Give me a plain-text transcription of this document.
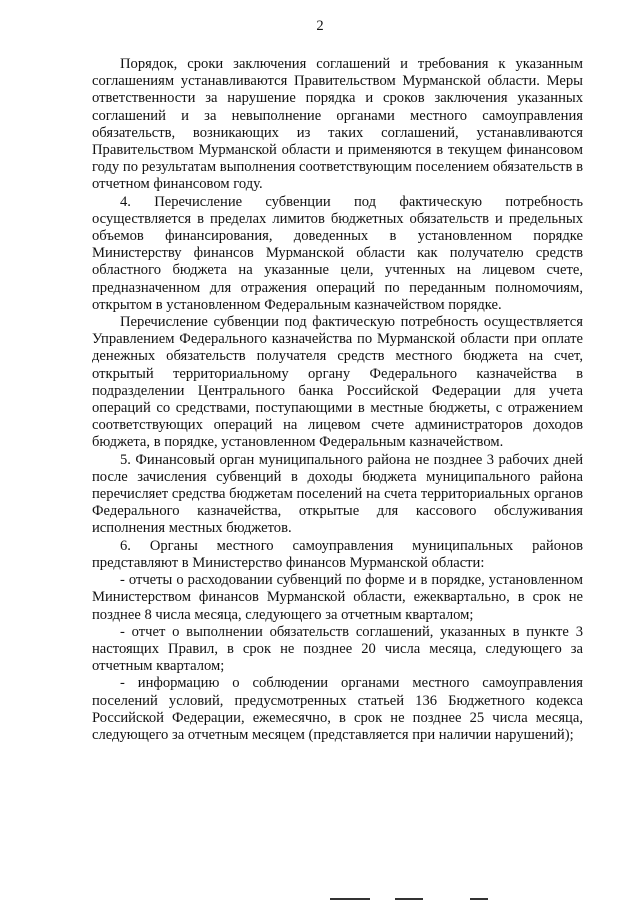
2

Порядок, сроки заключения соглашений и требования к указанным соглашениям устанавливаются Правительством Мурманской области. Меры ответственности за нарушение порядка и сроков заключения указанных соглашений и за невыполнение органами местного самоуправления обязательств, возникающих из таких соглашений, устанавливаются Правительством Мурманской области и применяются в текущем финансовом году по результатам выполнения соответствующим поселением обязательств в отчетном финансовом году.

4. Перечисление субвенции под фактическую потребность осуществляется в пределах лимитов бюджетных обязательств и предельных объемов финансирования, доведенных в установленном порядке Министерству финансов Мурманской области как получателю средств областного бюджета на указанные цели, учтенных на лицевом счете, предназначенном для отражения операций по переданным полномочиям, открытом в установленном Федеральным казначейством порядке.

Перечисление субвенции под фактическую потребность осуществляется Управлением Федерального казначейства по Мурманской области при оплате денежных обязательств получателя средств местного бюджета на счет, открытый территориальному органу Федерального казначейства в подразделении Центрального банка Российской Федерации для учета операций со средствами, поступающими в местные бюджеты, с отражением соответствующих операций на лицевом счете администраторов доходов бюджета, в порядке, установленном Федеральным казначейством.

5. Финансовый орган муниципального района не позднее 3 рабочих дней после зачисления субвенций в доходы бюджета муниципального района перечисляет средства бюджетам поселений на счета территориальных органов Федерального казначейства, открытые для кассового обслуживания исполнения местных бюджетов.

6. Органы местного самоуправления муниципальных районов представляют в Министерство финансов Мурманской области:

- отчеты о расходовании субвенций по форме и в порядке, установленном Министерством финансов Мурманской области, ежеквартально, в срок не позднее 8 числа месяца, следующего за отчетным кварталом;

- отчет о выполнении обязательств соглашений, указанных в пункте 3 настоящих Правил, в срок не позднее 20 числа месяца, следующего за отчетным кварталом;

- информацию о соблюдении органами местного самоуправления поселений условий, предусмотренных статьей 136 Бюджетного кодекса Российской Федерации, ежемесячно, в срок не позднее 25 числа месяца, следующего за отчетным месяцем (представляется при наличии нарушений);
